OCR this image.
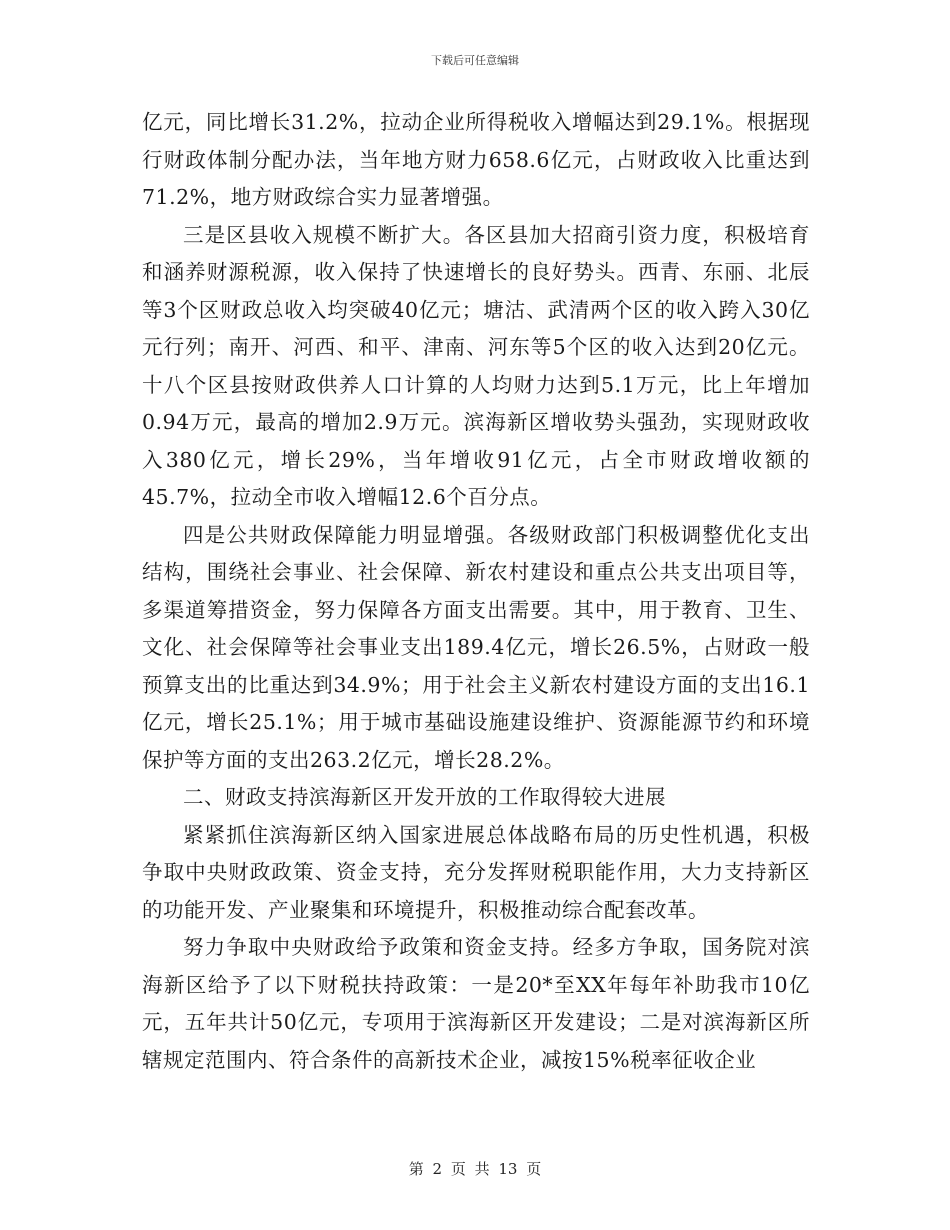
下载后可任意编辑

亿元，同比增长31.2%，拉动企业所得税收入增幅达到29.1%。根据现行财政体制分配办法，当年地方财力658.6亿元，占财政收入比重达到71.2%，地方财政综合实力显著增强。

三是区县收入规模不断扩大。各区县加大招商引资力度，积极培育和涵养财源税源，收入保持了快速增长的良好势头。西青、东丽、北辰等3个区财政总收入均突破40亿元；塘沽、武清两个区的收入跨入30亿元行列；南开、河西、和平、津南、河东等5个区的收入达到20亿元。十八个区县按财政供养人口计算的人均财力达到5.1万元，比上年增加0.94万元，最高的增加2.9万元。滨海新区增收势头强劲，实现财政收入380亿元，增长29%，当年增收91亿元，占全市财政增收额的45.7%，拉动全市收入增幅12.6个百分点。

四是公共财政保障能力明显增强。各级财政部门积极调整优化支出结构，围绕社会事业、社会保障、新农村建设和重点公共支出项目等，多渠道筹措资金，努力保障各方面支出需要。其中，用于教育、卫生、文化、社会保障等社会事业支出189.4亿元，增长26.5%，占财政一般预算支出的比重达到34.9%；用于社会主义新农村建设方面的支出16.1亿元，增长25.1%；用于城市基础设施建设维护、资源能源节约和环境保护等方面的支出263.2亿元，增长28.2%。

二、财政支持滨海新区开发开放的工作取得较大进展

紧紧抓住滨海新区纳入国家进展总体战略布局的历史性机遇，积极争取中央财政政策、资金支持，充分发挥财税职能作用，大力支持新区的功能开发、产业聚集和环境提升，积极推动综合配套改革。

努力争取中央财政给予政策和资金支持。经多方争取，国务院对滨海新区给予了以下财税扶持政策：一是20*至XX年每年补助我市10亿元，五年共计50亿元，专项用于滨海新区开发建设；二是对滨海新区所辖规定范围内、符合条件的高新技术企业，减按15%税率征收企业

第 2 页 共 13 页
